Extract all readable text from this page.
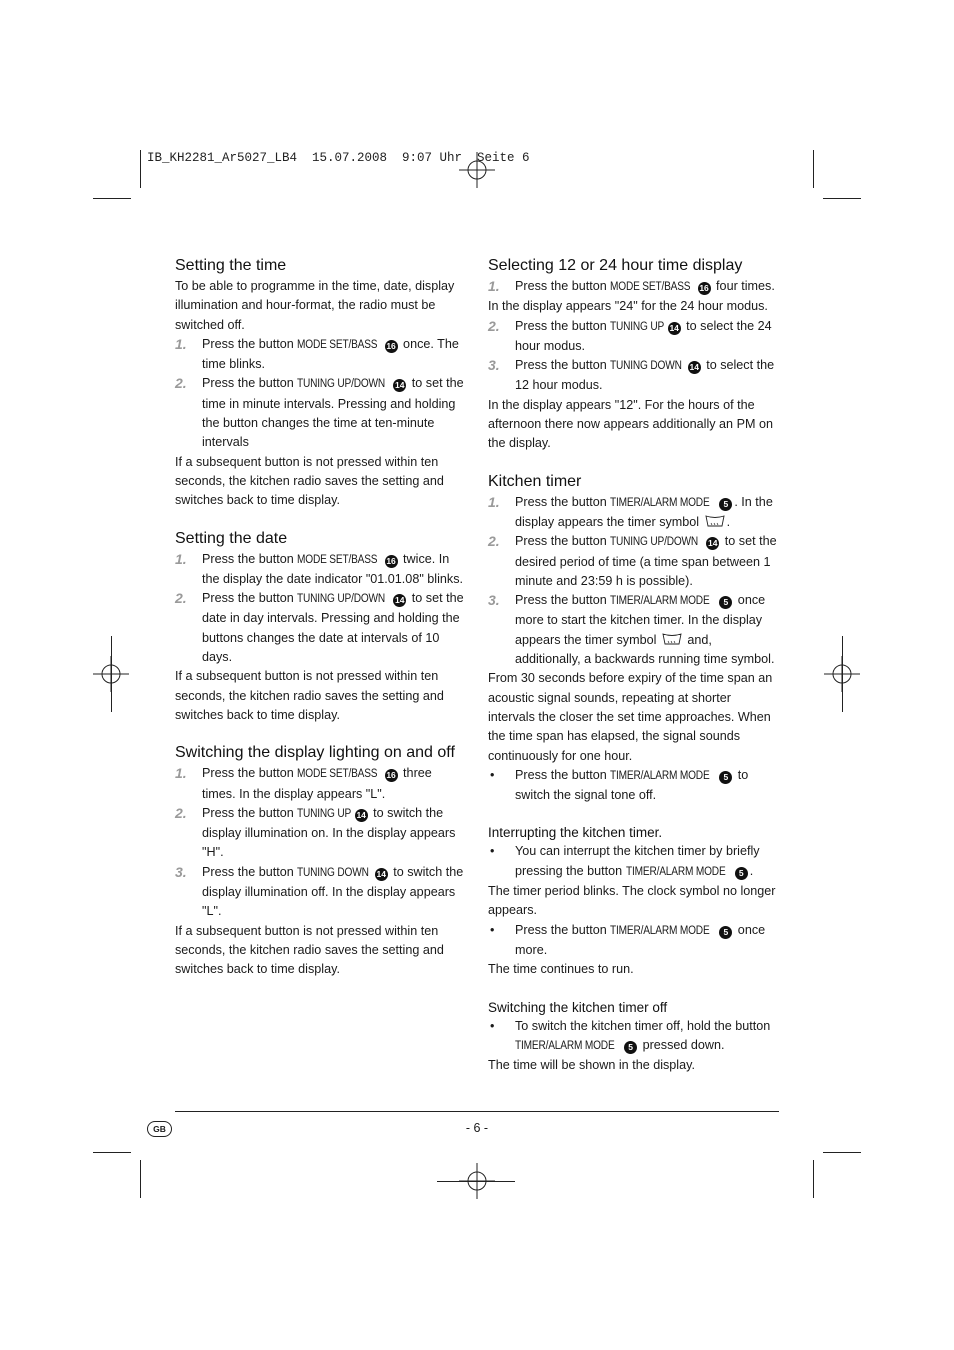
IB_KH2281_Ar5027_LB4  15.07.2008  9:07 Uhr  Seite 6
Setting the time

To be able to programme in the time, date, display illumination and hour-format, the radio must be switched off.

1. Press the button MODE SET/BASS 16 once. The time blinks.
2. Press the button TUNING UP/DOWN 14 to set the time in minute intervals. Pressing and holding the button changes the time at ten-minute intervals

If a subsequent button is not pressed within ten seconds, the kitchen radio saves the setting and switches back to time display.

Setting the date
1. Press the button MODE SET/BASS 16 twice. In the display the date indicator "01.01.08" blinks.
2. Press the button TUNING UP/DOWN 14 to set the date in day intervals. Pressing and holding the buttons changes the date at intervals of 10 days.

If a subsequent button is not pressed within ten seconds, the kitchen radio saves the setting and switches back to time display.

Switching the display lighting on and off
1. Press the button MODE SET/BASS 16 three times. In the display appears "L".
2. Press the button TUNING UP 14 to switch the display illumination on. In the display appears "H".
3. Press the button TUNING DOWN 14 to switch the display illumination off. In the display appears "L".

If a subsequent button is not pressed within ten seconds, the kitchen radio saves the setting and switches back to time display.

Selecting 12 or 24 hour time display
1. Press the button MODE SET/BASS 16 four times.

In the display appears "24" for the 24 hour modus.

2. Press the button TUNING UP 14 to select the 24 hour modus.
3. Press the button TUNING DOWN 14 to select the 12 hour modus.

In the display appears "12". For the hours of the afternoon there now appears additionally an PM on the display.

Kitchen timer
1. Press the button TIMER/ALARM MODE 5 . In the display appears the timer symbol .
2. Press the button TUNING UP/DOWN 14 to set the desired period of time (a time span between 1 minute and 23:59 h is possible).
3. Press the button TIMER/ALARM MODE 5 once more to start the kitchen timer. In the display appears the timer symbol  and, additionally, a backwards running time symbol.

From 30 seconds before expiry of the time span an acoustic signal sounds, repeating at shorter intervals the closer the set time approaches. When the time span has elapsed, the signal sounds continuously for one hour.

• Press the button TIMER/ALARM MODE 5 to switch the signal tone off.
Interrupting the kitchen timer.
• You can interrupt the kitchen timer by briefly pressing the button TIMER/ALARM MODE 5 .

The timer period blinks. The clock symbol no longer appears.

• Press the button TIMER/ALARM MODE 5 once more.

The time continues to run.

Switching the kitchen timer off
• To switch the kitchen timer off, hold the button TIMER/ALARM MODE 5 pressed down.

The time will be shown in the display.

GB	- 6 -
